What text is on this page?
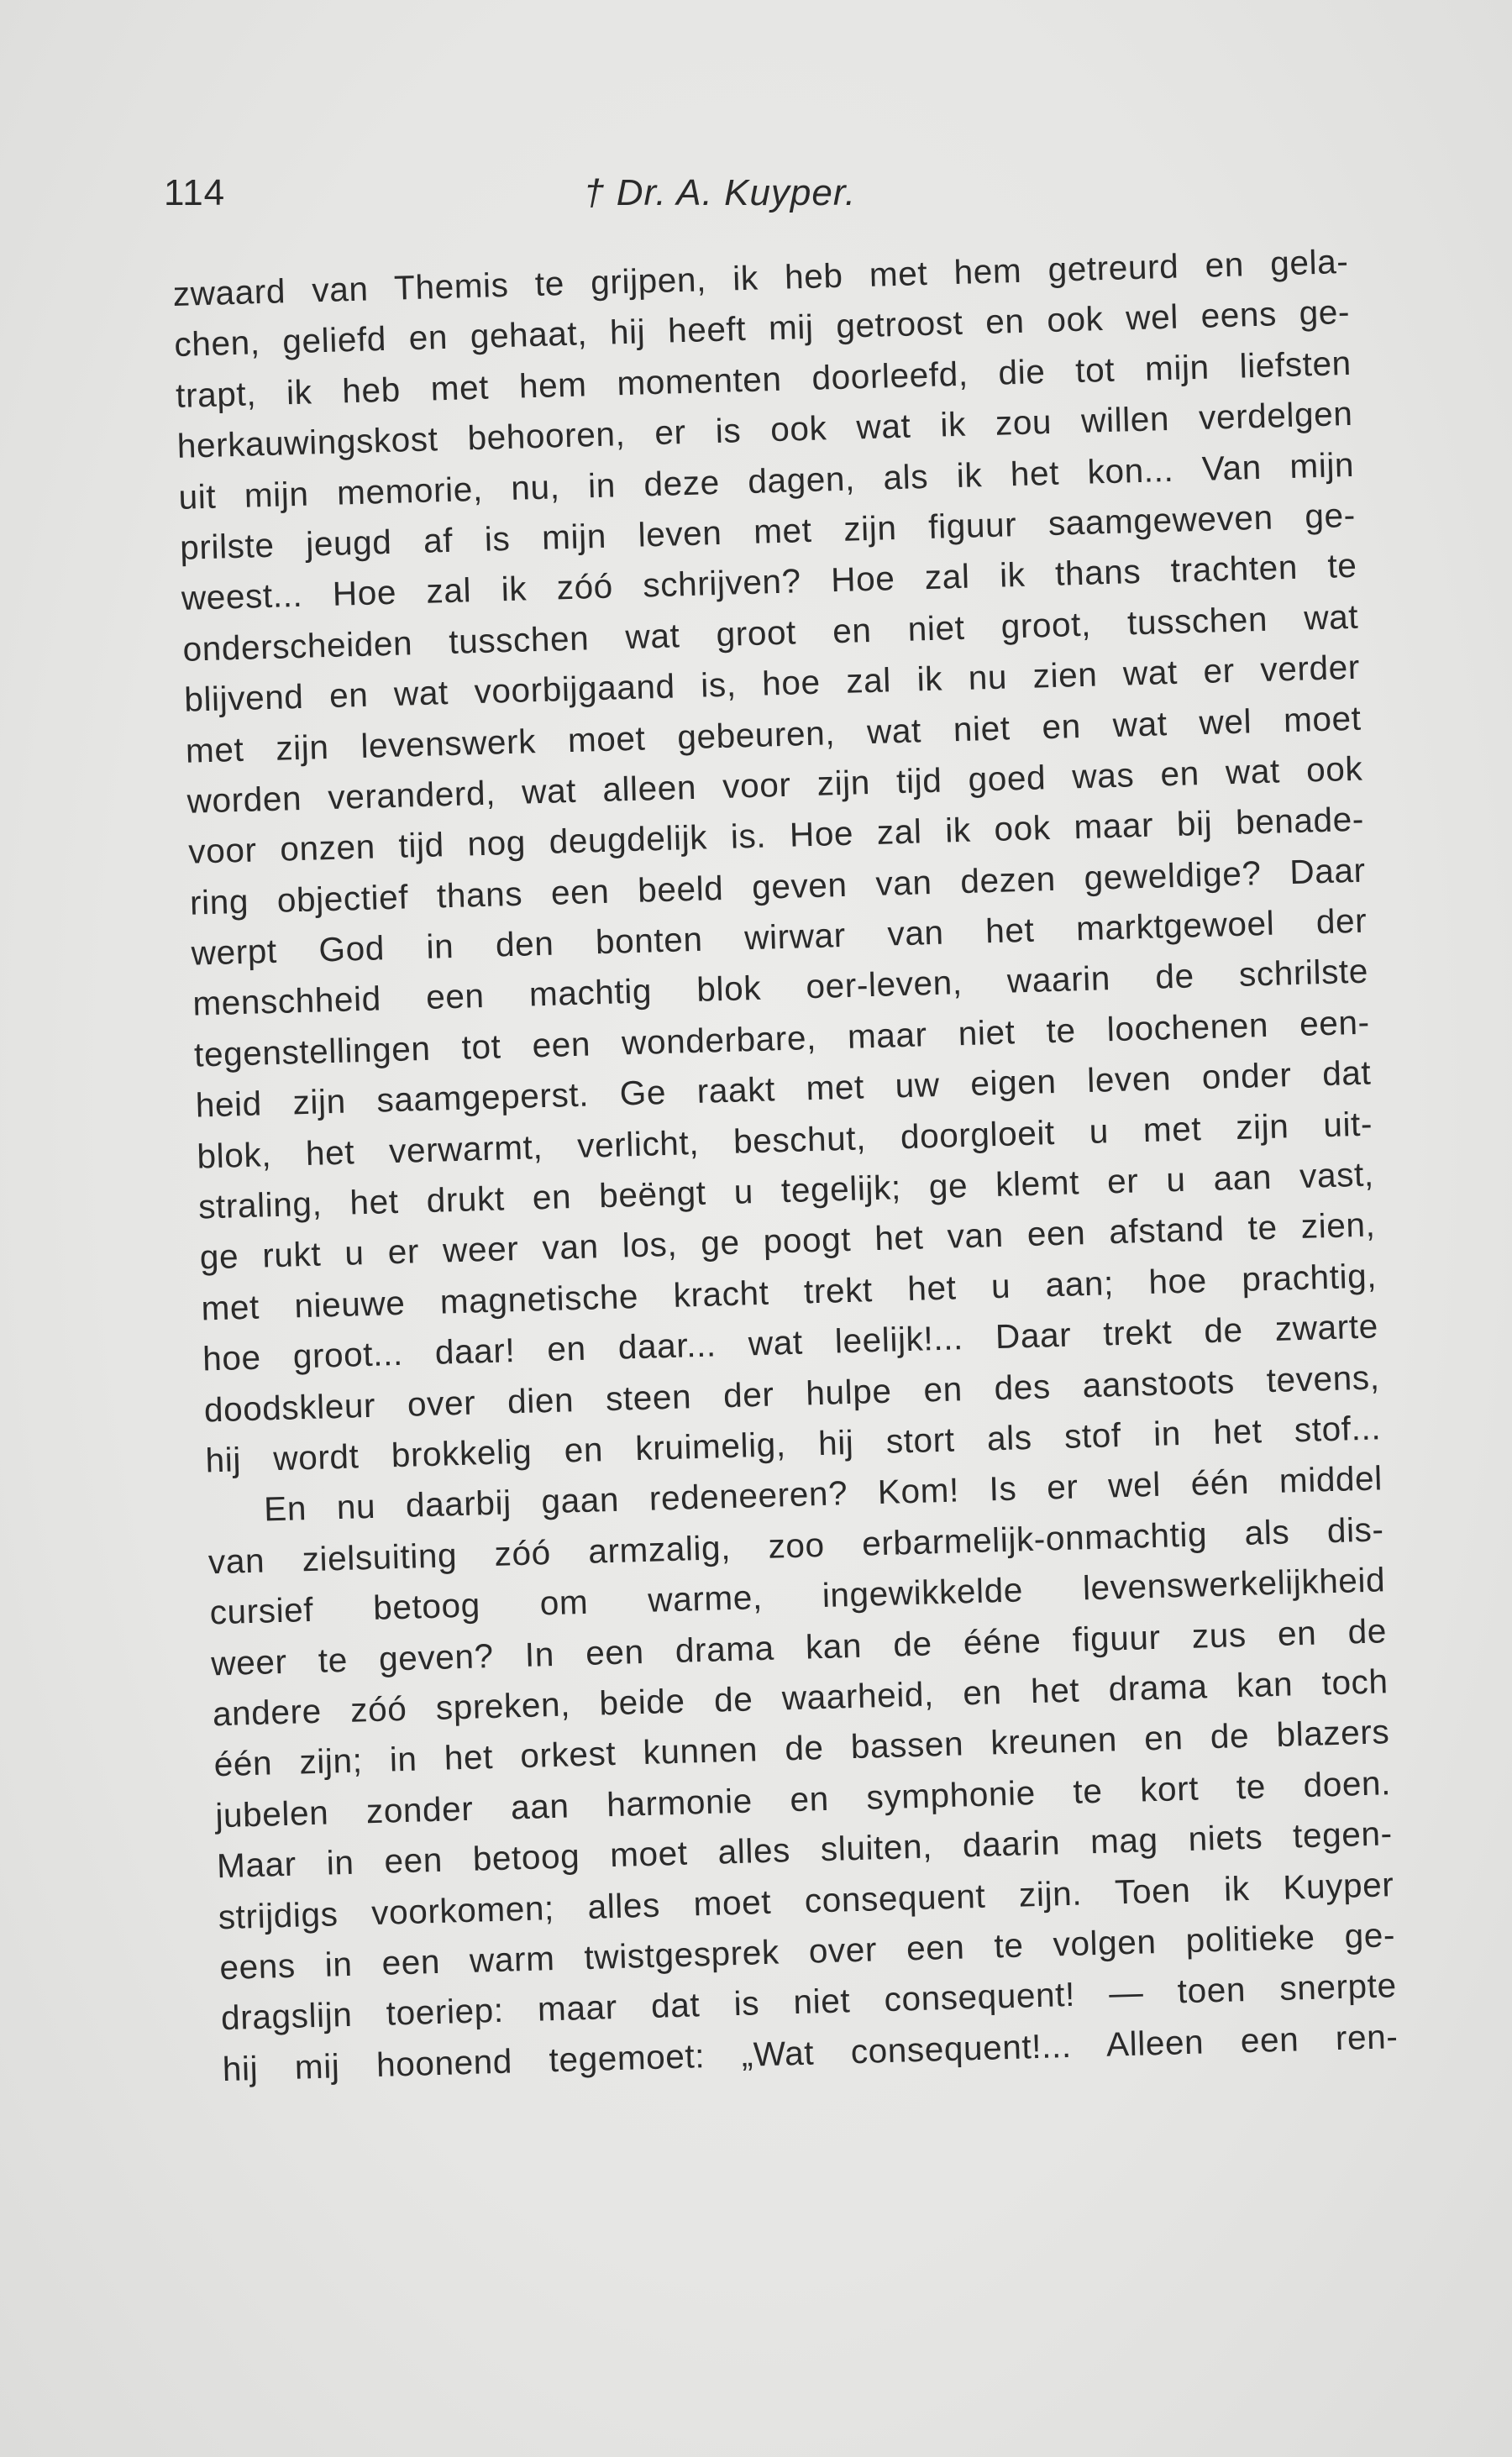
114	† Dr. A. Kuyper.
zwaard van Themis te grijpen, ik heb met hem getreurd en gela-
chen, geliefd en gehaat, hij heeft mij getroost en ook wel eens ge-
trapt, ik heb met hem momenten doorleefd, die tot mijn liefsten
herkauwingskost behooren, er is ook wat ik zou willen verdelgen
uit mijn memorie, nu, in deze dagen, als ik het kon... Van mijn
prilste jeugd af is mijn leven met zijn figuur saamgeweven ge-
weest... Hoe zal ik zóó schrijven? Hoe zal ik thans trachten te
onderscheiden tusschen wat groot en niet groot, tusschen wat
blijvend en wat voorbijgaand is, hoe zal ik nu zien wat er verder
met zijn levenswerk moet gebeuren, wat niet en wat wel moet
worden veranderd, wat alleen voor zijn tijd goed was en wat ook
voor onzen tijd nog deugdelijk is. Hoe zal ik ook maar bij benade-
ring objectief thans een beeld geven van dezen geweldige? Daar
werpt God in den bonten wirwar van het marktgewoel der
menschheid een machtig blok oer-leven, waarin de schrilste
tegenstellingen tot een wonderbare, maar niet te loochenen een-
heid zijn saamgeperst. Ge raakt met uw eigen leven onder dat
blok, het verwarmt, verlicht, beschut, doorgloeit u met zijn uit-
straling, het drukt en beëngt u tegelijk; ge klemt er u aan vast,
ge rukt u er weer van los, ge poogt het van een afstand te zien,
met nieuwe magnetische kracht trekt het u aan; hoe prachtig,
hoe groot... daar! en daar... wat leelijk!... Daar trekt de zwarte
doodskleur over dien steen der hulpe en des aanstoots tevens,
hij wordt brokkelig en kruimelig, hij stort als stof in het stof...
En nu daarbij gaan redeneeren? Kom! Is er wel één middel
van zielsuiting zóó armzalig, zoo erbarmelijk-onmachtig als dis-
cursief betoog om warme, ingewikkelde levenswerkelijkheid
weer te geven? In een drama kan de ééne figuur zus en de
andere zóó spreken, beide de waarheid, en het drama kan toch
één zijn; in het orkest kunnen de bassen kreunen en de blazers
jubelen zonder aan harmonie en symphonie te kort te doen.
Maar in een betoog moet alles sluiten, daarin mag niets tegen-
strijdigs voorkomen; alles moet consequent zijn. Toen ik Kuyper
eens in een warm twistgesprek over een te volgen politieke ge-
dragslijn toeriep: maar dat is niet consequent! — toen snerpte
hij mij hoonend tegemoet: „Wat consequent!... Alleen een ren-
